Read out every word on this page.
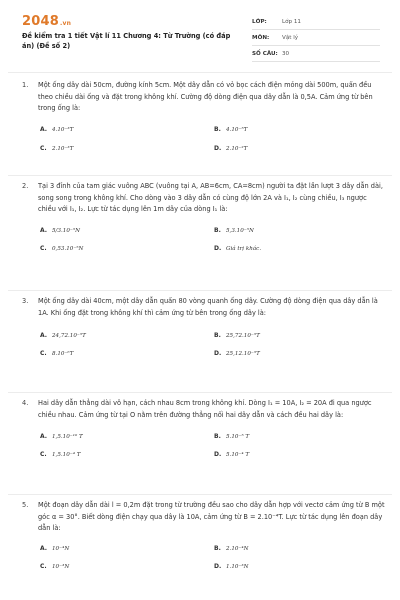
2048.vn
Đề kiểm tra 1 tiết Vật lí 11 Chương 4: Từ Trường (có đáp án) (Đề số 2)
LỚP:	Lớp 11
MÔN:	Vật lý
SỐ CÂU: 30
1. Một ống dây dài 50cm, đường kính 5cm. Một dây dẫn có vỏ bọc cách điện mỏng dài 500m, quấn đều theo chiều dài ống và đặt trong không khí. Cường độ dòng điện qua dây dẫn là 0,5A. Cảm ứng từ bên trong ống là:
A. 4.10⁻³T	B. 4.10⁻⁵T
C. 2.10⁻³T	D. 2.10⁻²T
2. Tại 3 đỉnh của tam giác vuông ABC (vuông tại A, AB=6cm, CA=8cm) người ta đặt lần lượt 3 dây dẫn dài, song song trong không khí. Cho dòng vào 3 dây dẫn có cùng độ lớn 2A và I₁, I₂ cùng chiều, I₃ ngược chiều với I₁, I₂. Lực từ tác dụng lên 1m dây của dòng I₁ là:
A. 5/3.10⁻⁵N	B. 5,3.10⁻⁵N
C. 0,53.10⁻⁵N	D. Giá trị khác.
3. Một ống dây dài 40cm, một dây dẫn quấn 80 vòng quanh ống dây. Cường độ dòng điện qua dây dẫn là 1A. Khi ống đặt trong không khí thì cảm ứng từ bên trong ống dây là:
A. 24,72.10⁻⁵T	B. 25,72.10⁻⁵T
C. 8.10⁻⁶T	D. 25,12.10⁻⁵T
4. Hai dây dẫn thẳng dài vô hạn, cách nhau 8cm trong không khí. Dòng I₁ = 10A, I₂ = 20A đi qua ngược chiều nhau. Cảm ứng từ tại O nằm trên đường thẳng nối hai dây dẫn và cách đều hai dây là:
A. 1,5.10⁻¹⁰ T	B. 5.10⁻⁵ T
C. 1,5.10⁻⁴ T	D. 5.10⁻⁴ T
5. Một đoạn dây dẫn dài l = 0,2m đặt trong từ trường đều sao cho dây dẫn hợp với vectơ cảm ứng từ B một góc α = 30°. Biết dòng điện chạy qua dây là 10A, cảm ứng từ B = 2.10⁻⁴T. Lực từ tác dụng lên đoạn dây dẫn là:
A. 10⁻⁴N	B. 2.10⁻⁴N
C. 10⁻³N	D. 1.10⁻³N
